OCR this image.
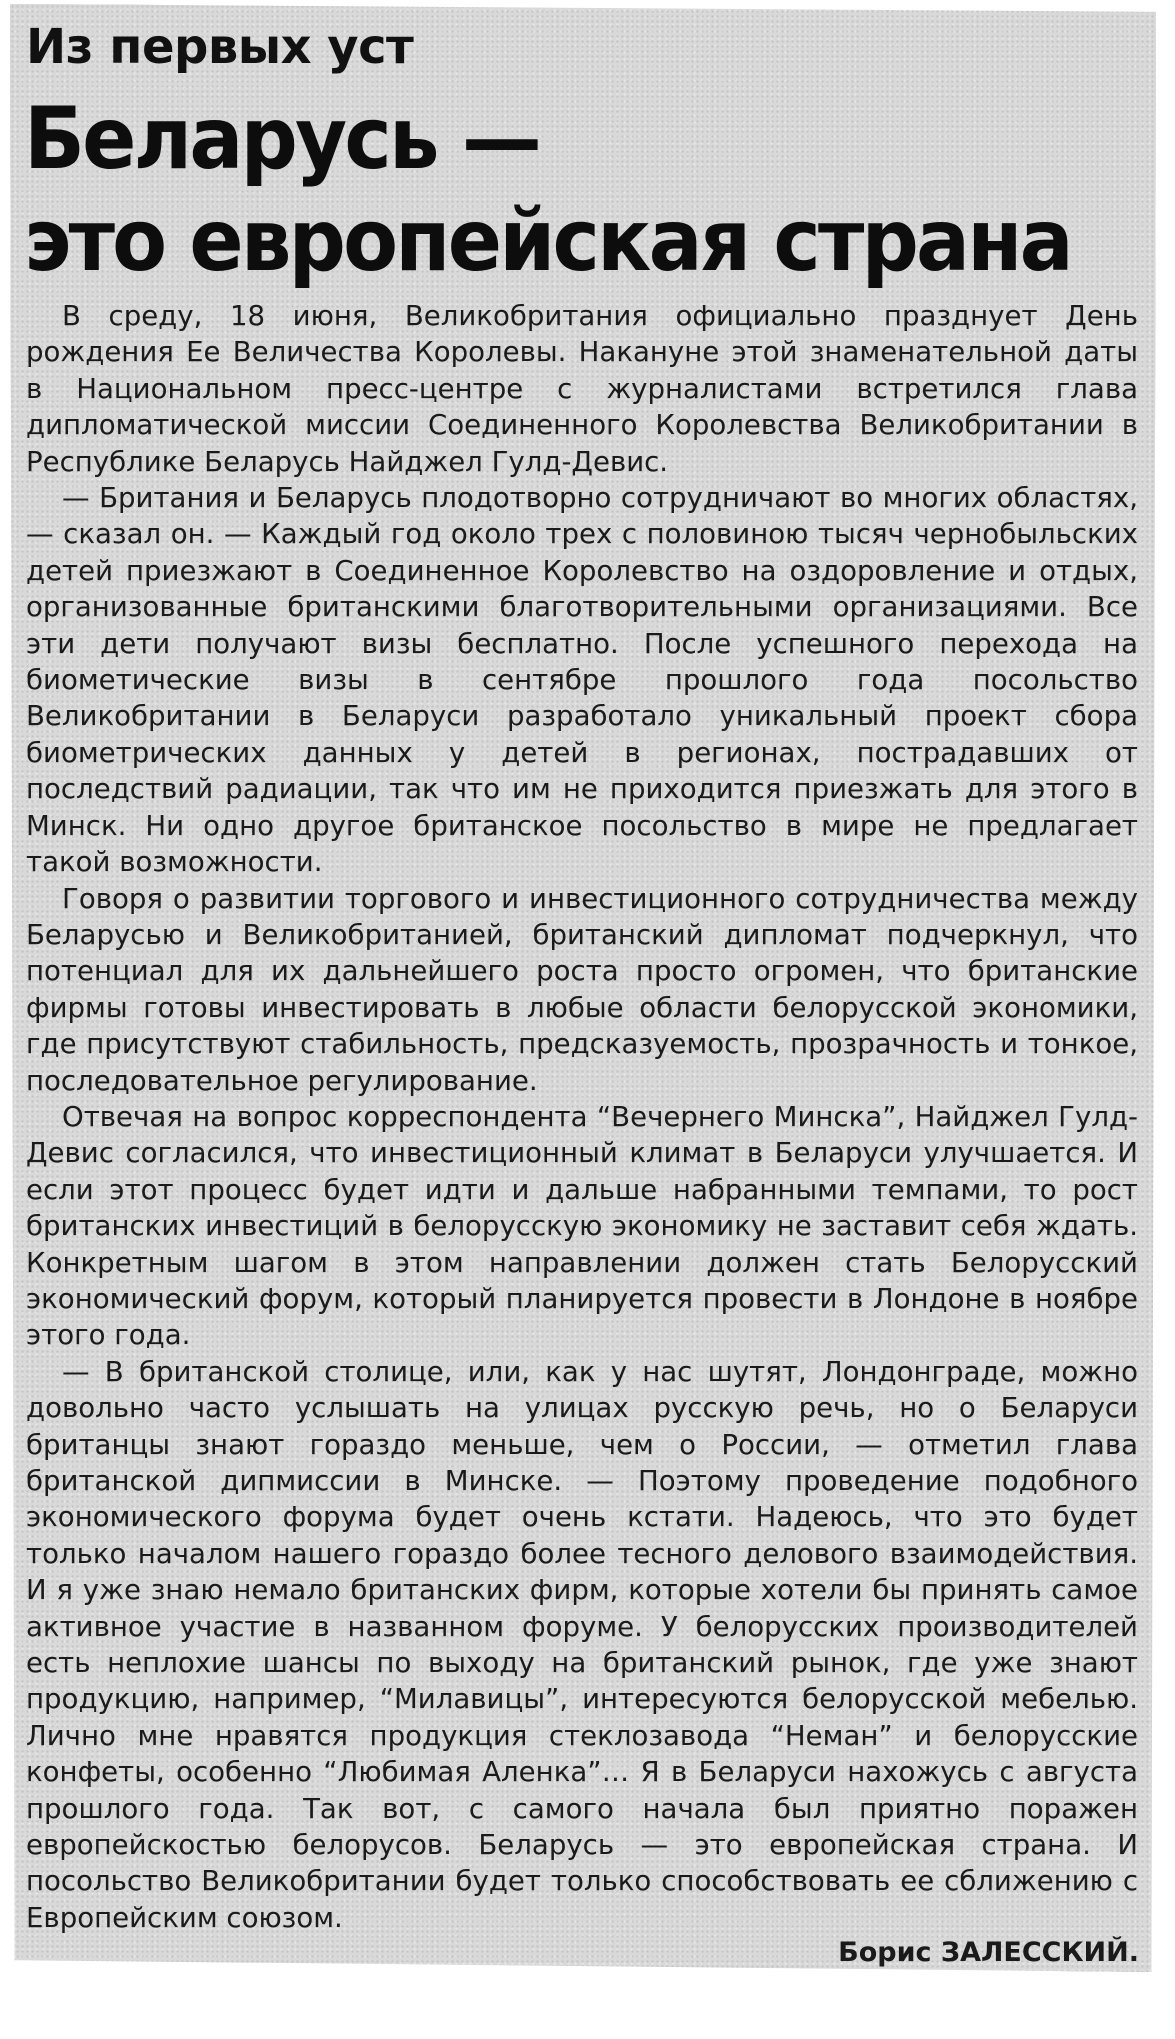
Из первых уст
Беларусь —
это европейская страна

В среду, 18 июня, Великобритания официально празднует День рождения Ее Величества Королевы. Накануне этой знаменательной даты в Национальном пресс-центре с журналистами встретился глава дипломатической миссии Соединенного Королевства Великобритании в Республике Беларусь Найджел Гулд-Девис.

— Британия и Беларусь плодотворно сотрудничают во многих областях, — сказал он. — Каждый год около трех с половиною тысяч чернобыльских детей приезжают в Соединенное Королевство на оздоровление и отдых, организованные британскими благотворительными организациями. Все эти дети получают визы бесплатно. После успешного перехода на биометические визы в сентябре прошлого года посольство Великобритании в Беларуси разработало уникальный проект сбора биометрических данных у детей в регионах, пострадавших от последствий радиации, так что им не приходится приезжать для этого в Минск. Ни одно другое британское посольство в мире не предлагает такой возможности.

Говоря о развитии торгового и инвестиционного сотрудничества между Беларусью и Великобританией, британский дипломат подчеркнул, что потенциал для их дальнейшего роста просто огромен, что британские фирмы готовы инвестировать в любые области белорусской экономики, где присутствуют стабильность, предсказуемость, прозрачность и тонкое, последовательное регулирование.

Отвечая на вопрос корреспондента “Вечернего Минска”, Найджел Гулд-Девис согласился, что инвестиционный климат в Беларуси улучшается. И если этот процесс будет идти и дальше набранными темпами, то рост британских инвестиций в белорусскую экономику не заставит себя ждать. Конкретным шагом в этом направлении должен стать Белорусский экономический форум, который планируется провести в Лондоне в ноябре этого года.

— В британской столице, или, как у нас шутят, Лондонграде, можно довольно часто услышать на улицах русскую речь, но о Беларуси британцы знают гораздо меньше, чем о России, — отметил глава британской дипмиссии в Минске. — Поэтому проведение подобного экономического форума будет очень кстати. Надеюсь, что это будет только началом нашего гораздо более тесного делового взаимодействия. И я уже знаю немало британских фирм, которые хотели бы принять самое активное участие в названном форуме. У белорусских производителей есть неплохие шансы по выходу на британский рынок, где уже знают продукцию, например, “Милавицы”, интересуются белорусской мебелью. Лично мне нравятся продукция стеклозавода “Неман” и белорусские конфеты, особенно “Любимая Аленка”… Я в Беларуси нахожусь с августа прошлого года. Так вот, с самого начала был приятно поражен европейскостью белорусов. Беларусь — это европейская страна. И посольство Великобритании будет только способствовать ее сближению с Европейским союзом.

Борис ЗАЛЕССКИЙ.
